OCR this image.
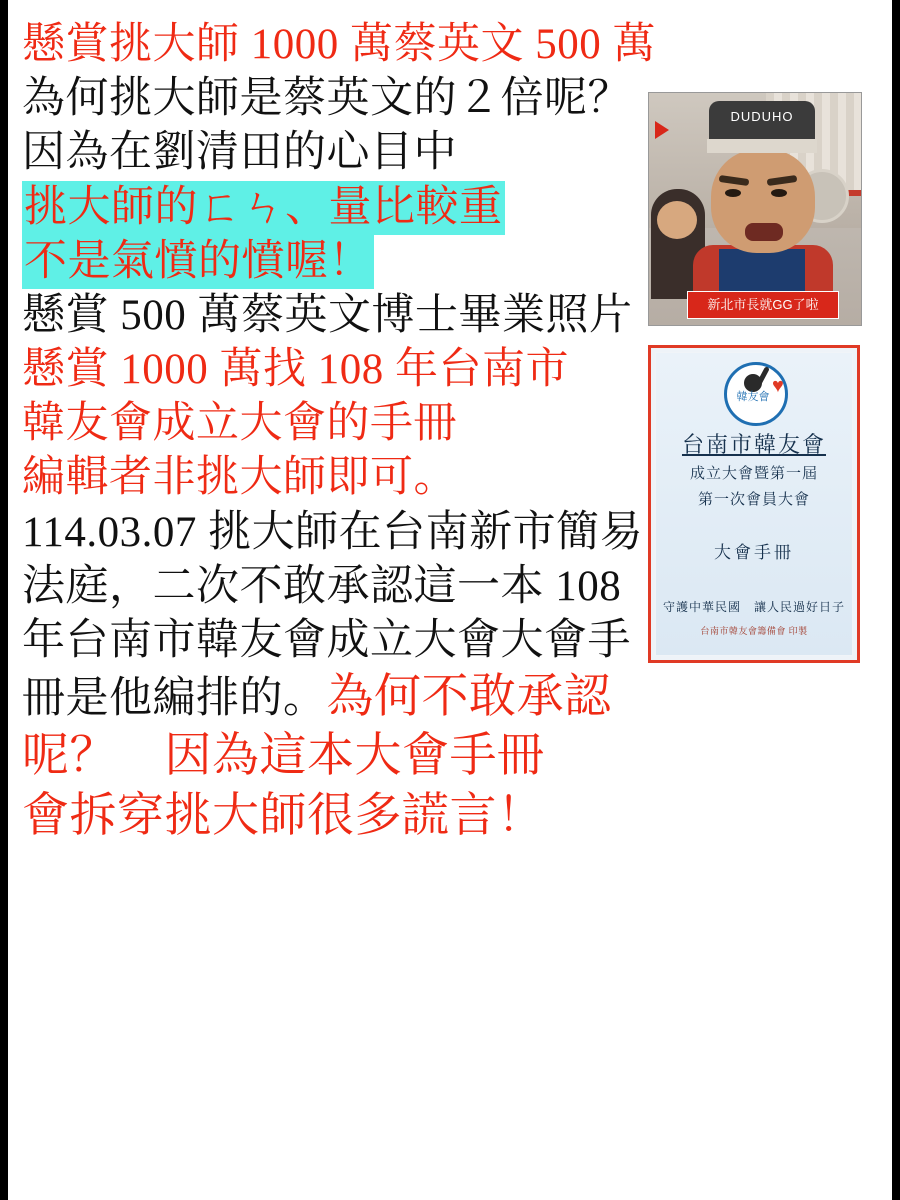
DUDUHO
新北市長就GG了啦
♥
韓友會
台南市韓友會
成立大會暨第一屆
第一次會員大會
大會手冊
守護中華民國　讓人民過好日子
台南市韓友會籌備會 印製
懸賞挑大師 1000 萬蔡英文 500 萬
為何挑大師是蔡英文的２倍呢？
因為在劉清田的心目中
挑大師的ㄈㄣ、量比較重
不是氣憤的憤喔！
懸賞 500 萬蔡英文博士畢業照片
懸賞 1000 萬找 108 年台南市
韓友會成立大會的手冊
編輯者非挑大師即可。
114.03.07 挑大師在台南新市簡易
法庭，二次不敢承認這一本 108
年台南市韓友會成立大會大會手
冊是他編排的。為何不敢承認
呢？　因為這本大會手冊
會拆穿挑大師很多謊言！
